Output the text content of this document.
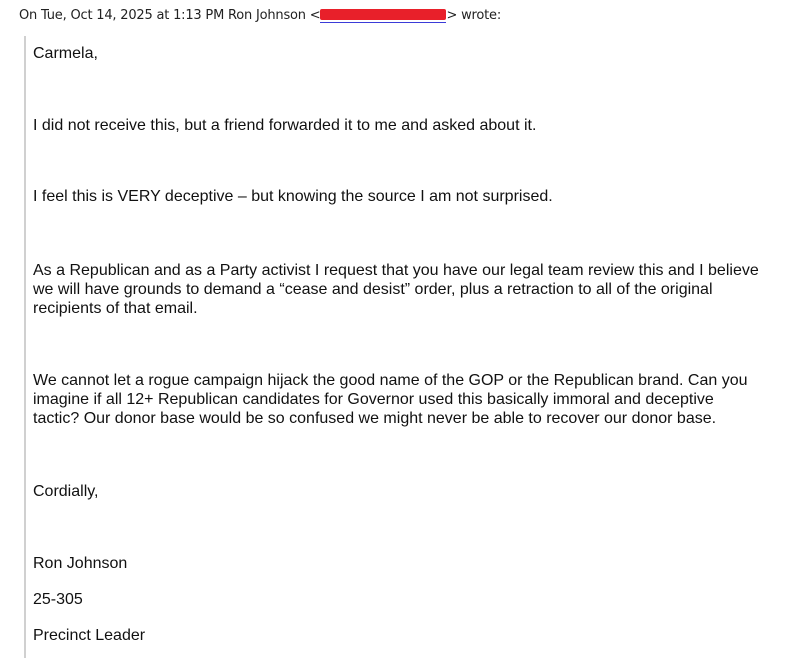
On Tue, Oct 14, 2025 at 1:13 PM Ron Johnson <	> wrote:
Carmela,
I did not receive this, but a friend forwarded it to me and asked about it.
I feel this is VERY deceptive – but knowing the source I am not surprised.
As a Republican and as a Party activist I request that you have our legal team review this and I believe we will have grounds to demand a “cease and desist” order, plus a retraction to all of the original recipients of that email.
We cannot let a rogue campaign hijack the good name of the GOP or the Republican brand. Can you imagine if all 12+ Republican candidates for Governor used this basically immoral and deceptive tactic? Our donor base would be so confused we might never be able to recover our donor base.
Cordially,
Ron Johnson
25-305
Precinct Leader
